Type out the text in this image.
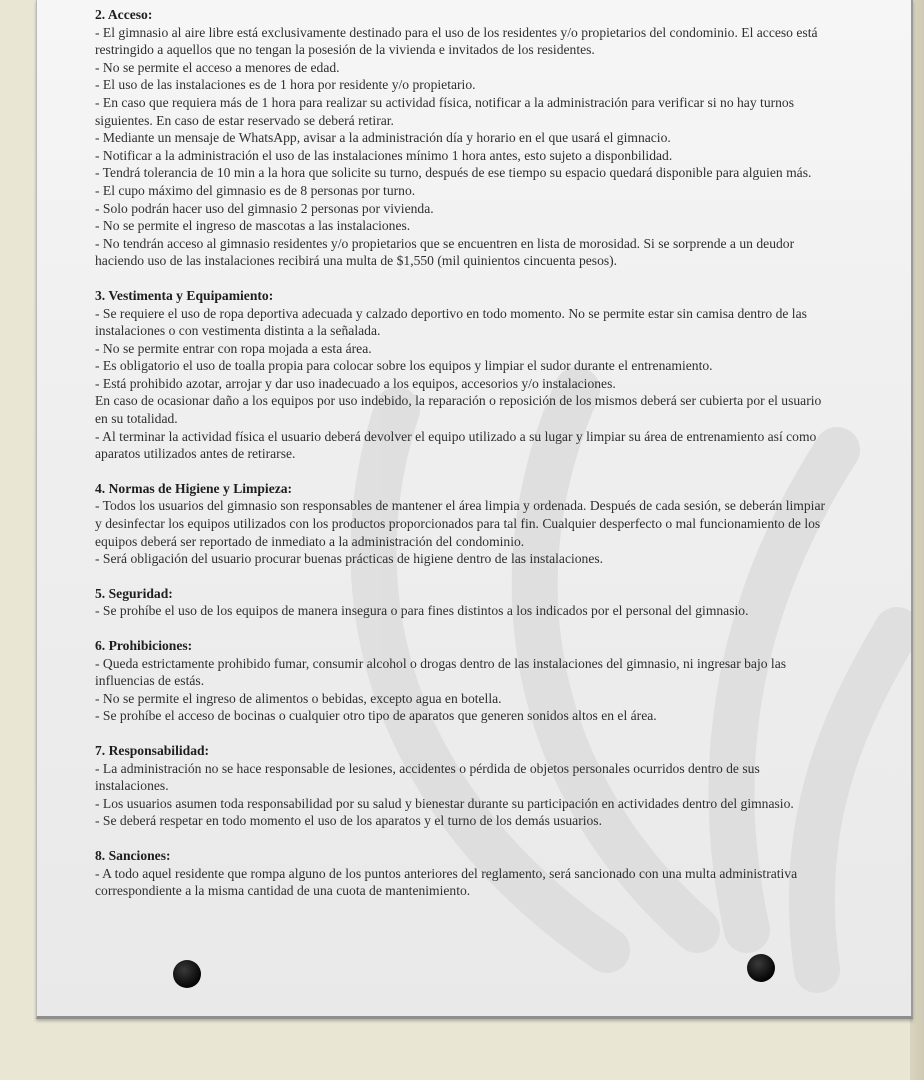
2. Acceso:

- El gimnasio al aire libre está exclusivamente destinado para el uso de los residentes y/o propietarios del condominio. El acceso está restringido a aquellos que no tengan la posesión de la vivienda e invitados de los residentes.

- No se permite el acceso a menores de edad.

- El uso de las instalaciones es de 1 hora por residente y/o propietario.

- En caso que requiera más de 1 hora para realizar su actividad física, notificar a la administración para verificar si no hay turnos siguientes. En caso de estar reservado se deberá retirar.

- Mediante un mensaje de WhatsApp, avisar a la administración día y horario en el que usará el gimnacio.

- Notificar a la administración el uso de las instalaciones mínimo 1 hora antes, esto sujeto a disponbilidad.

- Tendrá tolerancia de 10 min a la hora que solicite su turno, después de ese tiempo su espacio quedará disponible para alguien más.

- El cupo máximo del gimnasio es de 8 personas por turno.

- Solo podrán hacer uso del gimnasio 2 personas por vivienda.

- No se permite el ingreso de mascotas a las instalaciones.

- No tendrán acceso al gimnasio residentes y/o propietarios que se encuentren en lista de morosidad. Si se sorprende a un deudor haciendo uso de las instalaciones recibirá una multa de $1,550 (mil quinientos cincuenta pesos).

3. Vestimenta y Equipamiento:

- Se requiere el uso de ropa deportiva adecuada y calzado deportivo en todo momento. No se permite estar sin camisa dentro de las instalaciones o con vestimenta distinta a la señalada.

- No se permite entrar con ropa mojada a esta área.

- Es obligatorio el uso de toalla propia para colocar sobre los equipos y limpiar el sudor durante el entrenamiento.

- Está prohibido azotar, arrojar y dar uso inadecuado a los equipos, accesorios y/o instalaciones.

En caso de ocasionar daño a los equipos por uso indebido, la reparación o reposición de los mismos deberá ser cubierta por el usuario en su totalidad.

- Al terminar la actividad física el usuario deberá devolver el equipo utilizado a su lugar y limpiar su área de entrenamiento así como aparatos utilizados antes de retirarse.

4. Normas de Higiene y Limpieza:

- Todos los usuarios del gimnasio son responsables de mantener el área limpia y ordenada. Después de cada sesión, se deberán limpiar y desinfectar los equipos utilizados con los productos proporcionados para tal fin. Cualquier desperfecto o mal funcionamiento de los equipos deberá ser reportado de inmediato a la administración del condominio.

- Será obligación del usuario procurar buenas prácticas de higiene dentro de las instalaciones.

5. Seguridad:

- Se prohíbe el uso de los equipos de manera insegura o para fines distintos a los indicados por el personal del gimnasio.

6. Prohibiciones:

- Queda estrictamente prohibido fumar, consumir alcohol o drogas dentro de las instalaciones del gimnasio, ni ingresar bajo las influencias de estás.

- No se permite el ingreso de alimentos o bebidas, excepto agua en botella.

- Se prohíbe el acceso de bocinas o cualquier otro tipo de aparatos que generen sonidos altos en el área.

7. Responsabilidad:

- La administración no se hace responsable de lesiones, accidentes o pérdida de objetos personales ocurridos dentro de sus instalaciones.

- Los usuarios asumen toda responsabilidad por su salud y bienestar durante su participación en actividades dentro del gimnasio.

- Se deberá respetar en todo momento el uso de los aparatos y el turno de los demás usuarios.

8. Sanciones:

- A todo aquel residente que rompa alguno de los puntos anteriores del reglamento, será sancionado con una multa administrativa correspondiente a la misma cantidad de una cuota de mantenimiento.
